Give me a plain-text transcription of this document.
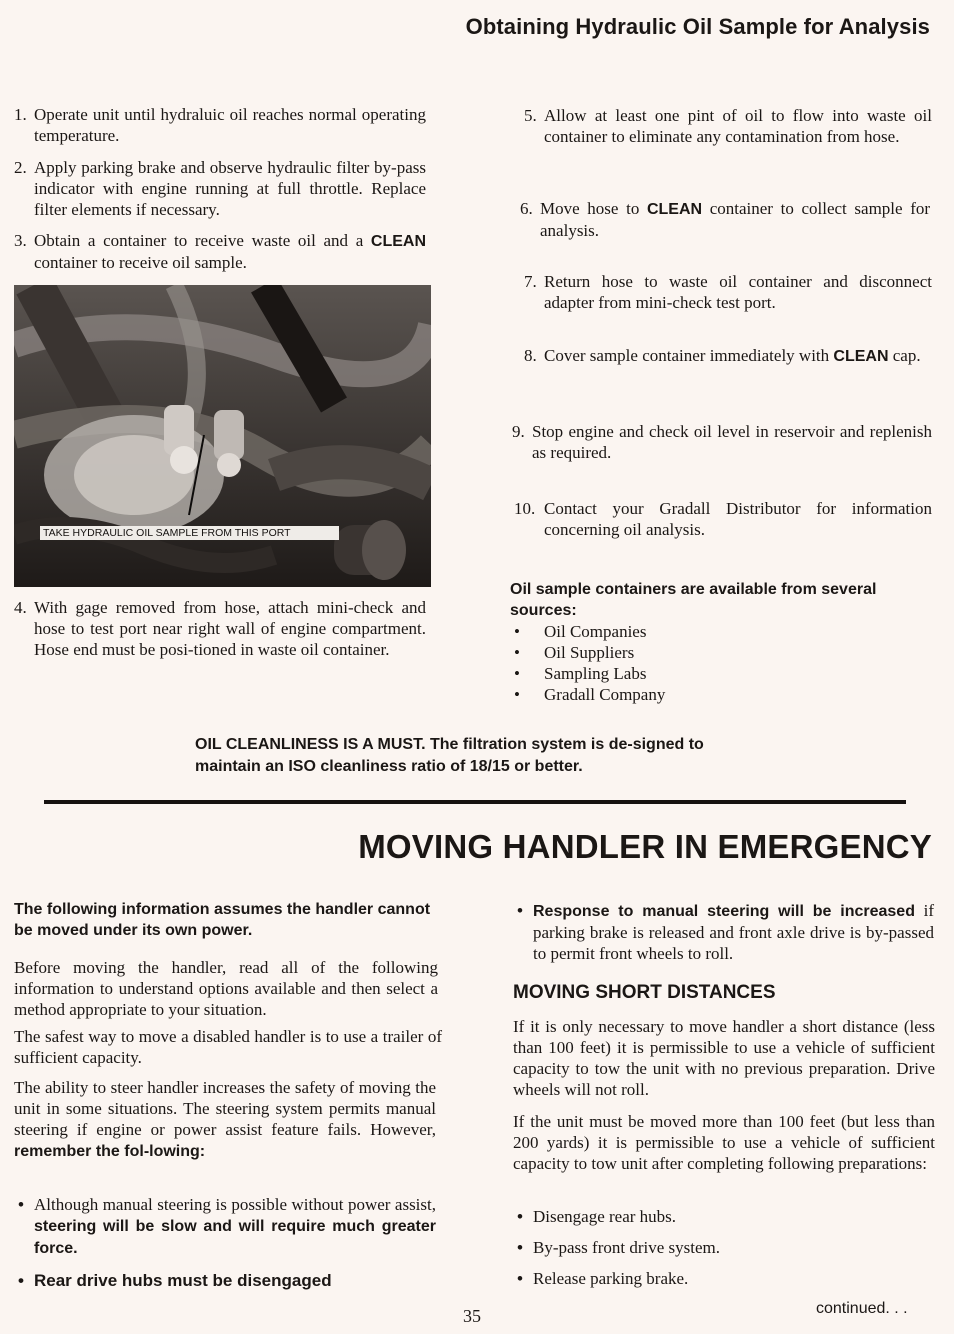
Obtaining Hydraulic Oil Sample for Analysis
1. Operate unit until hydraluic oil reaches normal operating temperature.
2. Apply parking brake and observe hydraulic filter by-pass indicator with engine running at full throttle. Replace filter elements if necessary.
3. Obtain a container to receive waste oil and a CLEAN container to receive oil sample.
TAKE HYDRAULIC OIL SAMPLE FROM THIS PORT
4. With gage removed from hose, attach mini-check and hose to test port near right wall of engine compartment. Hose end must be posi-tioned in waste oil container.
5. Allow at least one pint of oil to flow into waste oil container to eliminate any contamination from hose.
6. Move hose to CLEAN container to collect sample for analysis.
7. Return hose to waste oil container and disconnect adapter from mini-check test port.
8. Cover sample container immediately with CLEAN cap.
9. Stop engine and check oil level in reservoir and replenish as required.
10. Contact your Gradall Distributor for information concerning oil analysis.
Oil sample containers are available from several sources:
• Oil Companies
• Oil Suppliers
• Sampling Labs
• Gradall Company
OIL CLEANLINESS IS A MUST. The filtration system is de-signed to maintain an ISO cleanliness ratio of 18/15 or better.
MOVING HANDLER IN EMERGENCY
The following information assumes the handler cannot be moved under its own power.
Before moving the handler, read all of the following information to understand options available and then select a method appropriate to your situation.
The safest way to move a disabled handler is to use a trailer of sufficient capacity.
The ability to steer handler increases the safety of moving the unit in some situations. The steering system permits manual steering if engine or power assist feature fails. However, remember the fol-lowing:
• Although manual steering is possible without power assist, steering will be slow and will require much greater force.
• Rear drive hubs must be disengaged
• Response to manual steering will be increased if parking brake is released and front axle drive is by-passed to permit front wheels to roll.
MOVING SHORT DISTANCES
If it is only necessary to move handler a short distance (less than 100 feet) it is permissible to use a vehicle of sufficient capacity to tow the unit with no previous preparation. Drive wheels will not roll.
If the unit must be moved more than 100 feet (but less than 200 yards) it is permissible to use a vehicle of sufficient capacity to tow unit after completing following preparations:
• Disengage rear hubs.
• By-pass front drive system.
• Release parking brake.
35	continued. . .
